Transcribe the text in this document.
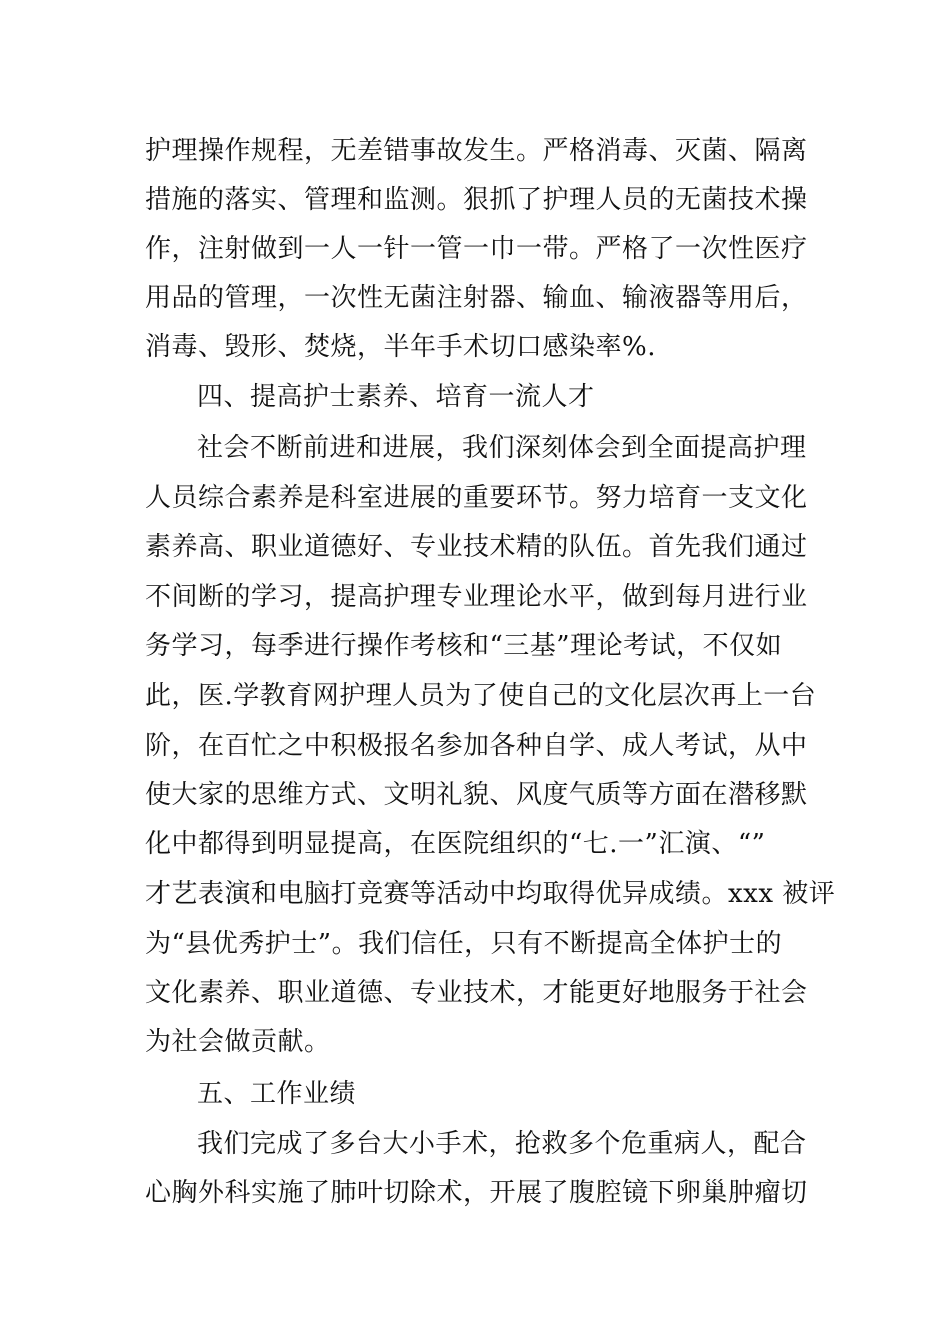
护理操作规程，无差错事故发生。严格消毒、灭菌、隔离
措施的落实、管理和监测。狠抓了护理人员的无菌技术操
作，注射做到一人一针一管一巾一带。严格了一次性医疗
用品的管理，一次性无菌注射器、输血、输液器等用后，
消毒、毁形、焚烧，半年手术切口感染率%.
四、提高护士素养、培育一流人才
社会不断前进和进展，我们深刻体会到全面提高护理
人员综合素养是科室进展的重要环节。努力培育一支文化
素养高、职业道德好、专业技术精的队伍。首先我们通过
不间断的学习，提高护理专业理论水平，做到每月进行业
务学习，每季进行操作考核和“三基”理论考试，不仅如
此，医.学教育网护理人员为了使自己的文化层次再上一台
阶，在百忙之中积极报名参加各种自学、成人考试，从中
使大家的思维方式、文明礼貌、风度气质等方面在潜移默
化中都得到明显提高，在医院组织的“七.一”汇演、“”
才艺表演和电脑打竞赛等活动中均取得优异成绩。xxx 被评
为“县优秀护士”。我们信任，只有不断提高全体护士的
文化素养、职业道德、专业技术，才能更好地服务于社会
为社会做贡献。
五、工作业绩
我们完成了多台大小手术，抢救多个危重病人，配合
心胸外科实施了肺叶切除术，开展了腹腔镜下卵巢肿瘤切
